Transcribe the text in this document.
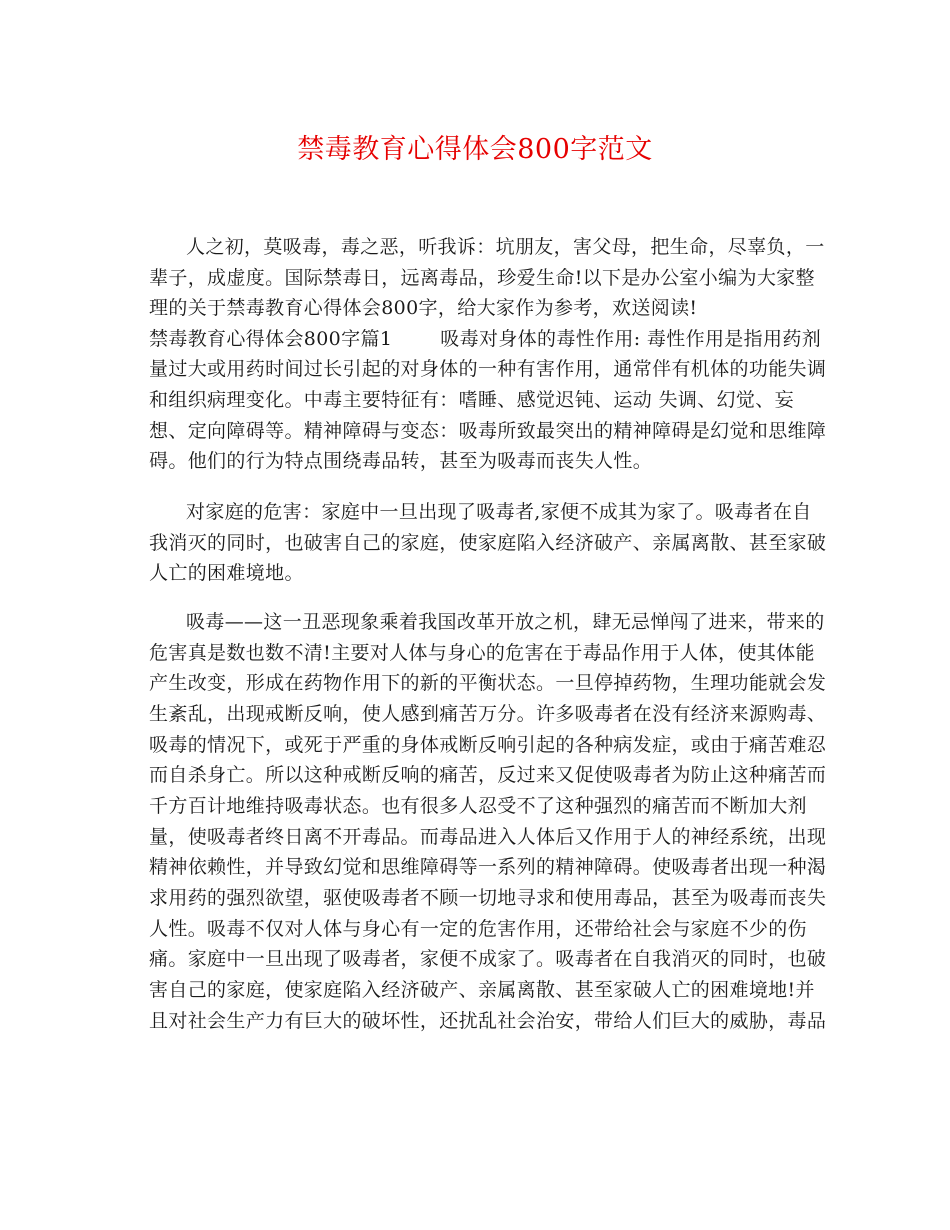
禁毒教育心得体会800字范文
人之初，莫吸毒，毒之恶，听我诉：坑朋友，害父母，把生命，尽辜负，一
辈子，成虚度。国际禁毒日，远离毒品，珍爱生命!以下是办公室小编为大家整
理的关于禁毒教育心得体会800字，给大家作为参考，欢送阅读!
禁毒教育心得体会800字篇1	吸毒对身体的毒性作用: 毒性作用是指用药剂
量过大或用药时间过长引起的对身体的一种有害作用，通常伴有机体的功能失调
和组织病理变化。中毒主要特征有：嗜睡、感觉迟钝、运动 失调、幻觉、妄
想、定向障碍等。精神障碍与变态：吸毒所致最突出的精神障碍是幻觉和思维障
碍。他们的行为特点围绕毒品转，甚至为吸毒而丧失人性。
对家庭的危害：家庭中一旦出现了吸毒者,家便不成其为家了。吸毒者在自
我消灭的同时，也破害自己的家庭，使家庭陷入经济破产、亲属离散、甚至家破
人亡的困难境地。
吸毒——这一丑恶现象乘着我国改革开放之机，肆无忌惮闯了进来，带来的
危害真是数也数不清!主要对人体与身心的危害在于毒品作用于人体，使其体能
产生改变，形成在药物作用下的新的平衡状态。一旦停掉药物，生理功能就会发
生紊乱，出现戒断反响，使人感到痛苦万分。许多吸毒者在没有经济来源购毒、
吸毒的情况下，或死于严重的身体戒断反响引起的各种病发症，或由于痛苦难忍
而自杀身亡。所以这种戒断反响的痛苦，反过来又促使吸毒者为防止这种痛苦而
千方百计地维持吸毒状态。也有很多人忍受不了这种强烈的痛苦而不断加大剂
量，使吸毒者终日离不开毒品。而毒品进入人体后又作用于人的神经系统，出现
精神依赖性，并导致幻觉和思维障碍等一系列的精神障碍。使吸毒者出现一种渴
求用药的强烈欲望，驱使吸毒者不顾一切地寻求和使用毒品，甚至为吸毒而丧失
人性。吸毒不仅对人体与身心有一定的危害作用，还带给社会与家庭不少的伤
痛。家庭中一旦出现了吸毒者，家便不成家了。吸毒者在自我消灭的同时，也破
害自己的家庭，使家庭陷入经济破产、亲属离散、甚至家破人亡的困难境地!并
且对社会生产力有巨大的破坏性，还扰乱社会治安，带给人们巨大的威胁，毒品
